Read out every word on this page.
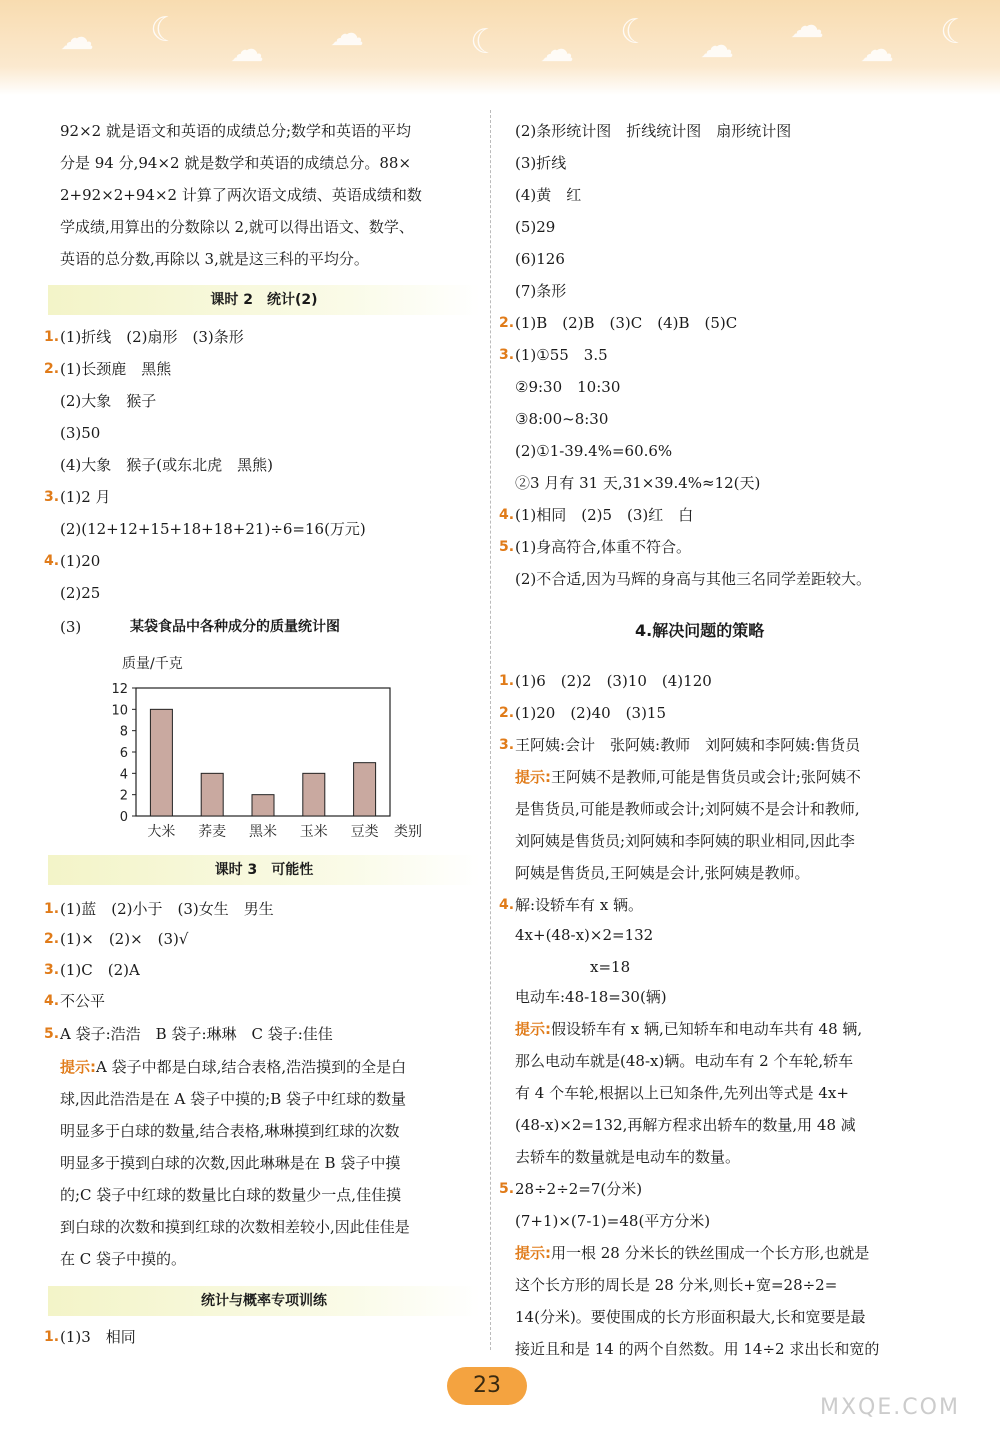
☁ ☾ ☁ ☁	☾ ☁ ☾ ☁ ☁
☁ ☾
92×2 就是语文和英语的成绩总分;数学和英语的平均
分是 94 分,94×2 就是数学和英语的成绩总分。88×
2+92×2+94×2 计算了两次语文成绩、英语成绩和数
学成绩,用算出的分数除以 2,就可以得出语文、数学、
英语的总分数,再除以 3,就是这三科的平均分。
课时 2　统计(2)
1. (1)折线　(2)扇形　(3)条形
2. (1)长颈鹿　黑熊
(2)大象　猴子
(3)50
(4)大象　猴子(或东北虎　黑熊)
3. (1)2 月
(2)(12+12+15+18+18+21)÷6=16(万元)
4. (1)20
(2)25
(3)	某袋食品中各种成分的质量统计图
质量/千克
0
2
4
6
8
10
12
大米 荞麦 黑米 玉米 豆类 类别
课时 3　可能性
1. (1)蓝　(2)小于　(3)女生　男生
2. (1)×　(2)×　(3)√
3. (1)C　(2)A
4. 不公平
5. A 袋子:浩浩　B 袋子:琳琳　C 袋子:佳佳
提示:A 袋子中都是白球,结合表格,浩浩摸到的全是白
球,因此浩浩是在 A 袋子中摸的;B 袋子中红球的数量
明显多于白球的数量,结合表格,琳琳摸到红球的次数
明显多于摸到白球的次数,因此琳琳是在 B 袋子中摸
的;C 袋子中红球的数量比白球的数量少一点,佳佳摸
到白球的次数和摸到红球的次数相差较小,因此佳佳是
在 C 袋子中摸的。
统计与概率专项训练
1. (1)3　相同
(2)条形统计图　折线统计图　扇形统计图
(3)折线
(4)黄　红
(5)29
(6)126
(7)条形
2. (1)B　(2)B　(3)C　(4)B　(5)C
3. (1)①55　3.5
②9:30　10:30
③8:00~8:30
(2)①1-39.4%=60.6%
②3 月有 31 天,31×39.4%≈12(天)
4. (1)相同　(2)5　(3)红　白
5. (1)身高符合,体重不符合。
(2)不合适,因为马辉的身高与其他三名同学差距较大。
4.解决问题的策略
1. (1)6　(2)2　(3)10　(4)120
2. (1)20　(2)40　(3)15
3. 王阿姨:会计　张阿姨:教师　刘阿姨和李阿姨:售货员
提示:王阿姨不是教师,可能是售货员或会计;张阿姨不
是售货员,可能是教师或会计;刘阿姨不是会计和教师,
刘阿姨是售货员;刘阿姨和李阿姨的职业相同,因此李
阿姨是售货员,王阿姨是会计,张阿姨是教师。
4. 解:设轿车有 x 辆。
4x+(48-x)×2=132
　　　　　x=18
电动车:48-18=30(辆)
提示:假设轿车有 x 辆,已知轿车和电动车共有 48 辆,
那么电动车就是(48-x)辆。电动车有 2 个车轮,轿车
有 4 个车轮,根据以上已知条件,先列出等式是 4x+
(48-x)×2=132,再解方程求出轿车的数量,用 48 减
去轿车的数量就是电动车的数量。
5. 28÷2÷2=7(分米)
(7+1)×(7-1)=48(平方分米)
提示:用一根 28 分米长的铁丝围成一个长方形,也就是
这个长方形的周长是 28 分米,则长+宽=28÷2=
14(分米)。要使围成的长方形面积最大,长和宽要是最
接近且和是 14 的两个自然数。用 14÷2 求出长和宽的
23
MXQE.COM
